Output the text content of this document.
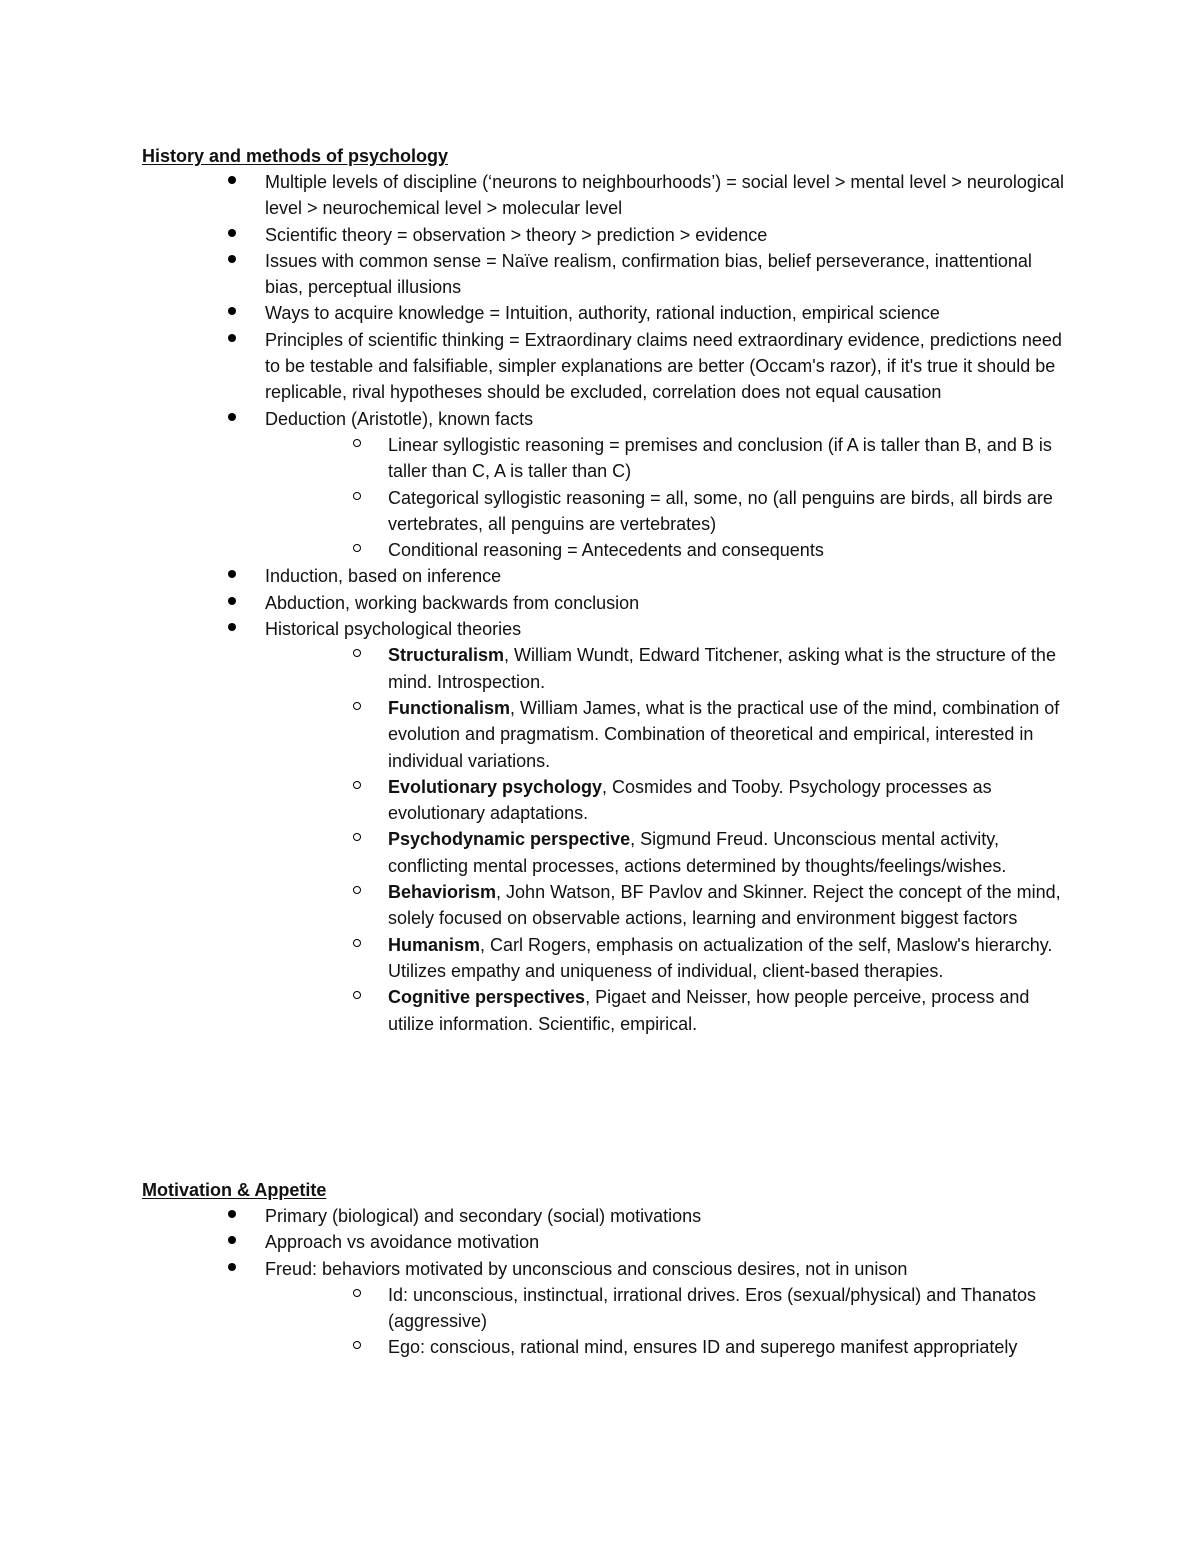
History and methods of psychology
Multiple levels of discipline (‘neurons to neighbourhoods’) = social level > mental level > neurological level > neurochemical level > molecular level
Scientific theory = observation > theory > prediction > evidence
Issues with common sense = Naïve realism, confirmation bias, belief perseverance, inattentional bias, perceptual illusions
Ways to acquire knowledge = Intuition, authority, rational induction, empirical science
Principles of scientific thinking = Extraordinary claims need extraordinary evidence, predictions need to be testable and falsifiable, simpler explanations are better (Occam's razor), if it's true it should be replicable, rival hypotheses should be excluded, correlation does not equal causation
Deduction (Aristotle), known facts
Linear syllogistic reasoning = premises and conclusion (if A is taller than B, and B is taller than C, A is taller than C)
Categorical syllogistic reasoning = all, some, no (all penguins are birds, all birds are vertebrates, all penguins are vertebrates)
Conditional reasoning = Antecedents and consequents
Induction, based on inference
Abduction, working backwards from conclusion
Historical psychological theories
Structuralism, William Wundt, Edward Titchener, asking what is the structure of the mind. Introspection.
Functionalism, William James, what is the practical use of the mind, combination of evolution and pragmatism. Combination of theoretical and empirical, interested in individual variations.
Evolutionary psychology, Cosmides and Tooby. Psychology processes as evolutionary adaptations.
Psychodynamic perspective, Sigmund Freud. Unconscious mental activity, conflicting mental processes, actions determined by thoughts/feelings/wishes.
Behaviorism, John Watson, BF Pavlov and Skinner. Reject the concept of the mind, solely focused on observable actions, learning and environment biggest factors
Humanism, Carl Rogers, emphasis on actualization of the self, Maslow's hierarchy. Utilizes empathy and uniqueness of individual, client-based therapies.
Cognitive perspectives, Pigaet and Neisser, how people perceive, process and utilize information. Scientific, empirical.
Motivation & Appetite
Primary (biological) and secondary (social) motivations
Approach vs avoidance motivation
Freud: behaviors motivated by unconscious and conscious desires, not in unison
Id: unconscious, instinctual, irrational drives. Eros (sexual/physical) and Thanatos (aggressive)
Ego: conscious, rational mind, ensures ID and superego manifest appropriately
